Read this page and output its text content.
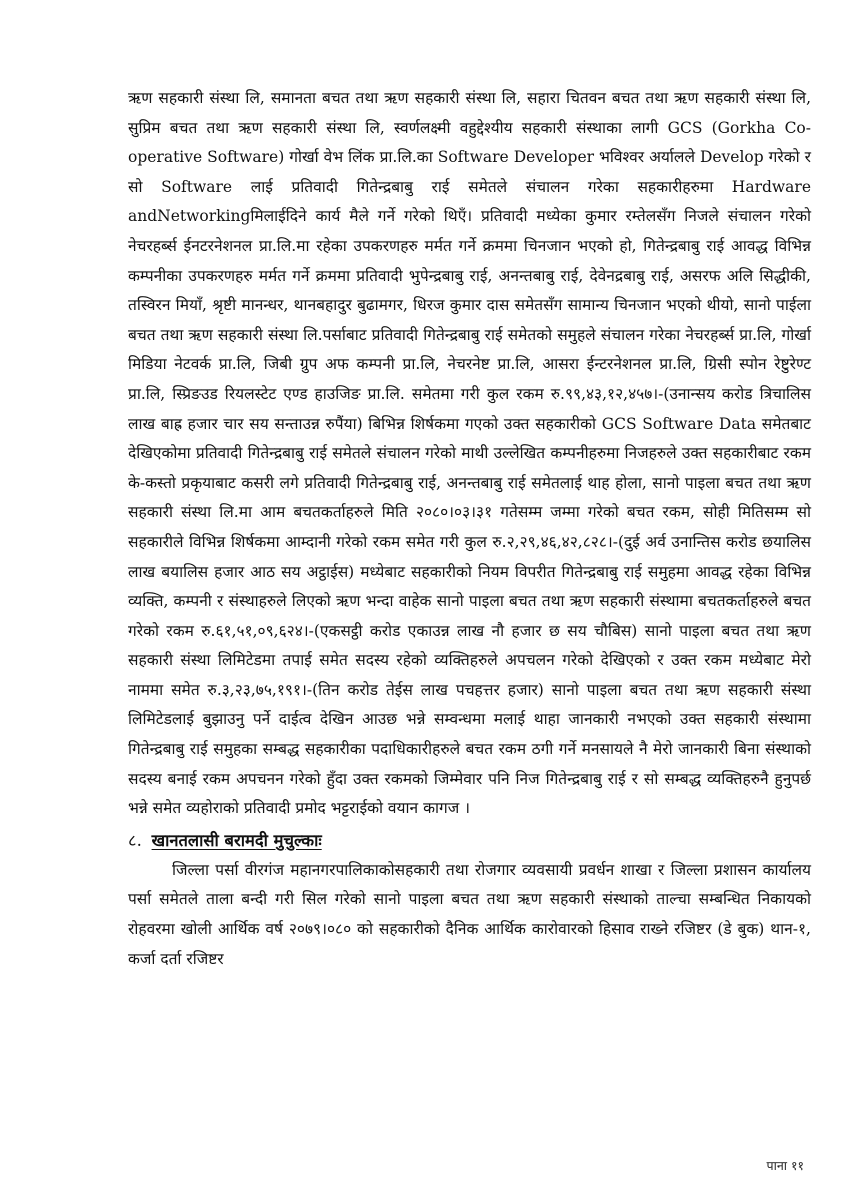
ऋण सहकारी संस्था लि, समानता बचत तथा ऋण सहकारी संस्था लि, सहारा चितवन बचत तथा ऋण सहकारी संस्था लि, सुप्रिम बचत तथा ऋण सहकारी संस्था लि, स्वर्णलक्ष्मी वहुद्देश्यीय सहकारी संस्थाका लागी GCS (Gorkha Co-operative Software) गोर्खा वेभ लिंक प्रा.लि.का Software Developer भविश्वर अर्यालले Develop गरेको र सो Software लाई प्रतिवादी गितेन्द्रबाबु राई समेतले संचालन गरेका सहकारीहरुमा Hardware andNetworkingमिलाईदिने कार्य मैले गर्ने गरेको थिएँ। प्रतिवादी मध्येका कुमार रम्तेलसँग निजले संचालन गरेको नेचरहर्ब्स ईनटरनेशनल प्रा.लि.मा रहेका उपकरणहरु मर्मत गर्ने क्रममा चिनजान भएको हो, गितेन्द्रबाबु राई आवद्ध विभिन्न कम्पनीका उपकरणहरु मर्मत गर्ने क्रममा प्रतिवादी भुपेन्द्रबाबु राई, अनन्तबाबु राई, देवेनद्रबाबु राई, असरफ अलि सिद्धीकी, तस्विरन मियाँ, श्रृष्टी मानन्धर, थानबहादुर बुढामगर, धिरज कुमार दास समेतसँग सामान्य चिनजान भएको थीयो, सानो पाईला बचत तथा ऋण सहकारी संस्था लि.पर्साबाट प्रतिवादी गितेन्द्रबाबु राई समेतको समुहले संचालन गरेका नेचरहर्ब्स प्रा.लि, गोर्खा मिडिया नेटवर्क प्रा.लि, जिबी ग्रुप अफ कम्पनी प्रा.लि, नेचरनेष्ट प्रा.लि, आसरा ईन्टरनेशनल प्रा.लि, ग्रिसी स्पोन रेष्टुरेण्ट प्रा.लि, स्प्रिङउड रियलस्टेट एण्ड हाउजिङ प्रा.लि. समेतमा गरी कुल रकम रु.९९,४३,१२,४५७।-(उनान्सय करोड त्रिचालिस लाख बाह्र हजार चार सय सन्ताउन्न रुपैंया) बिभिन्न शिर्षकमा गएको उक्त सहकारीको GCS Software Data समेतबाट देखिएकोमा प्रतिवादी गितेन्द्रबाबु राई समेतले संचालन गरेको माथी उल्लेखित कम्पनीहरुमा निजहरुले उक्त सहकारीबाट रकम के-कस्तो प्रकृयाबाट कसरी लगे प्रतिवादी गितेन्द्रबाबु राई, अनन्तबाबु राई समेतलाई थाह होला, सानो पाइला बचत तथा ऋण सहकारी संस्था लि.मा आम बचतकर्ताहरुले मिति २०८०।०३।३१ गतेसम्म जम्मा गरेको बचत रकम, सोही मितिसम्म सो सहकारीले विभिन्न शिर्षकमा आम्दानी गरेको रकम समेत गरी कुल रु.२,२९,४६,४२,८२८।-(दुई अर्व उनान्तिस करोड छयालिस लाख बयालिस हजार आठ सय अट्ठाईस) मध्येबाट सहकारीको नियम विपरीत गितेन्द्रबाबु राई समुहमा आवद्ध रहेका विभिन्न व्यक्ति, कम्पनी र संस्थाहरुले लिएको ऋण भन्दा वाहेक सानो पाइला बचत तथा ऋण सहकारी संस्थामा बचतकर्ताहरुले बचत गरेको रकम रु.६१,५१,०९,६२४।-(एकसट्ठी करोड एकाउन्न लाख नौ हजार छ सय चौबिस) सानो पाइला बचत तथा ऋण सहकारी संस्था लिमिटेडमा तपाई समेत सदस्य रहेको व्यक्तिहरुले अपचलन गरेको देखिएको र उक्त रकम मध्येबाट मेरो नाममा समेत रु.३,२३,७५,१९१।-(तिन करोड तेईस लाख पचहत्तर हजार) सानो पाइला बचत तथा ऋण सहकारी संस्था लिमिटेडलाई बुझाउनु पर्ने दाईत्व देखिन आउछ भन्ने सम्वन्धमा मलाई थाहा जानकारी नभएको उक्त सहकारी संस्थामा गितेन्द्रबाबु राई समुहका सम्बद्ध सहकारीका पदाधिकारीहरुले बचत रकम ठगी गर्ने मनसायले नै मेरो जानकारी बिना संस्थाको सदस्य बनाई रकम अपचनन गरेको हुँदा उक्त रकमको जिम्मेवार पनि निज गितेन्द्रबाबु राई र सो सम्बद्ध व्यक्तिहरुनै हुनुपर्छ भन्ने समेत व्यहोराको प्रतिवादी प्रमोद भट्टराईको वयान कागज ।

८. खानतलासी बरामदी मुचुल्काः

जिल्ला पर्सा वीरगंज महानगरपालिकाकोसहकारी तथा रोजगार व्यवसायी प्रवर्धन शाखा र जिल्ला प्रशासन कार्यालय पर्सा समेतले ताला बन्दी गरी सिल गरेको सानो पाइला बचत तथा ऋण सहकारी संस्थाको ताल्चा सम्बन्धित निकायको रोहवरमा खोली आर्थिक वर्ष २०७९।०८० को सहकारीको दैनिक आर्थिक कारोवारको हिसाव राख्ने रजिष्टर (डे बुक) थान-१, कर्जा दर्ता रजिष्टर

पाना ११
